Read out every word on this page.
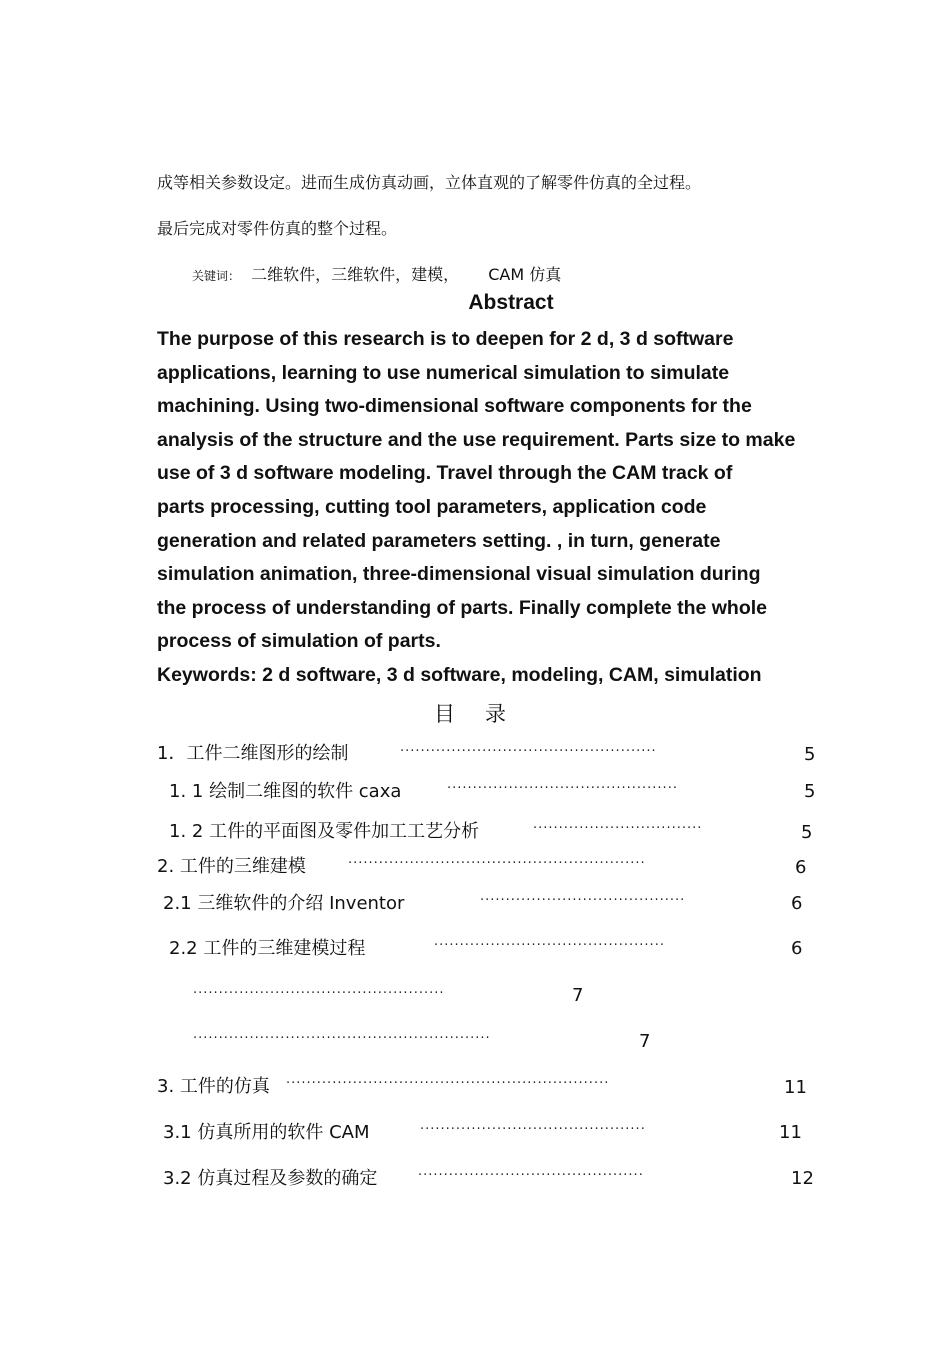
成等相关参数设定。进而生成仿真动画，立体直观的了解零件仿真的全过程。
最后完成对零件仿真的整个过程。
关键词： 二维软件，三维软件，建模， CAM 仿真
Abstract
The purpose of this research is to deepen for 2 d, 3 d software
applications, learning to use numerical simulation to simulate
machining. Using two-dimensional software components for the
analysis of the structure and the use requirement. Parts size to make
use of 3 d software modeling. Travel through the CAM track of
parts processing, cutting tool parameters, application code
generation and related parameters setting. , in turn, generate
simulation animation, three-dimensional visual simulation during
the process of understanding of parts. Finally complete the whole
process of simulation of parts.
Keywords: 2 d software, 3 d software, modeling, CAM, simulation
目录
1．工件二维图形的绘制	··················································	5
1. 1 绘制二维图的软件 caxa	·············································	5
1. 2 工件的平面图及零件加工工艺分析	·································	5
2. 工件的三维建模	··························································	6
2.1 三维软件的介绍 Inventor	········································	6
2.2 工件的三维建模过程	·············································	6
·················································	7
··························································	7
3. 工件的仿真 ·······························································	11
3.1 仿真所用的软件 CAM	············································	11
3.2 仿真过程及参数的确定	············································	12
